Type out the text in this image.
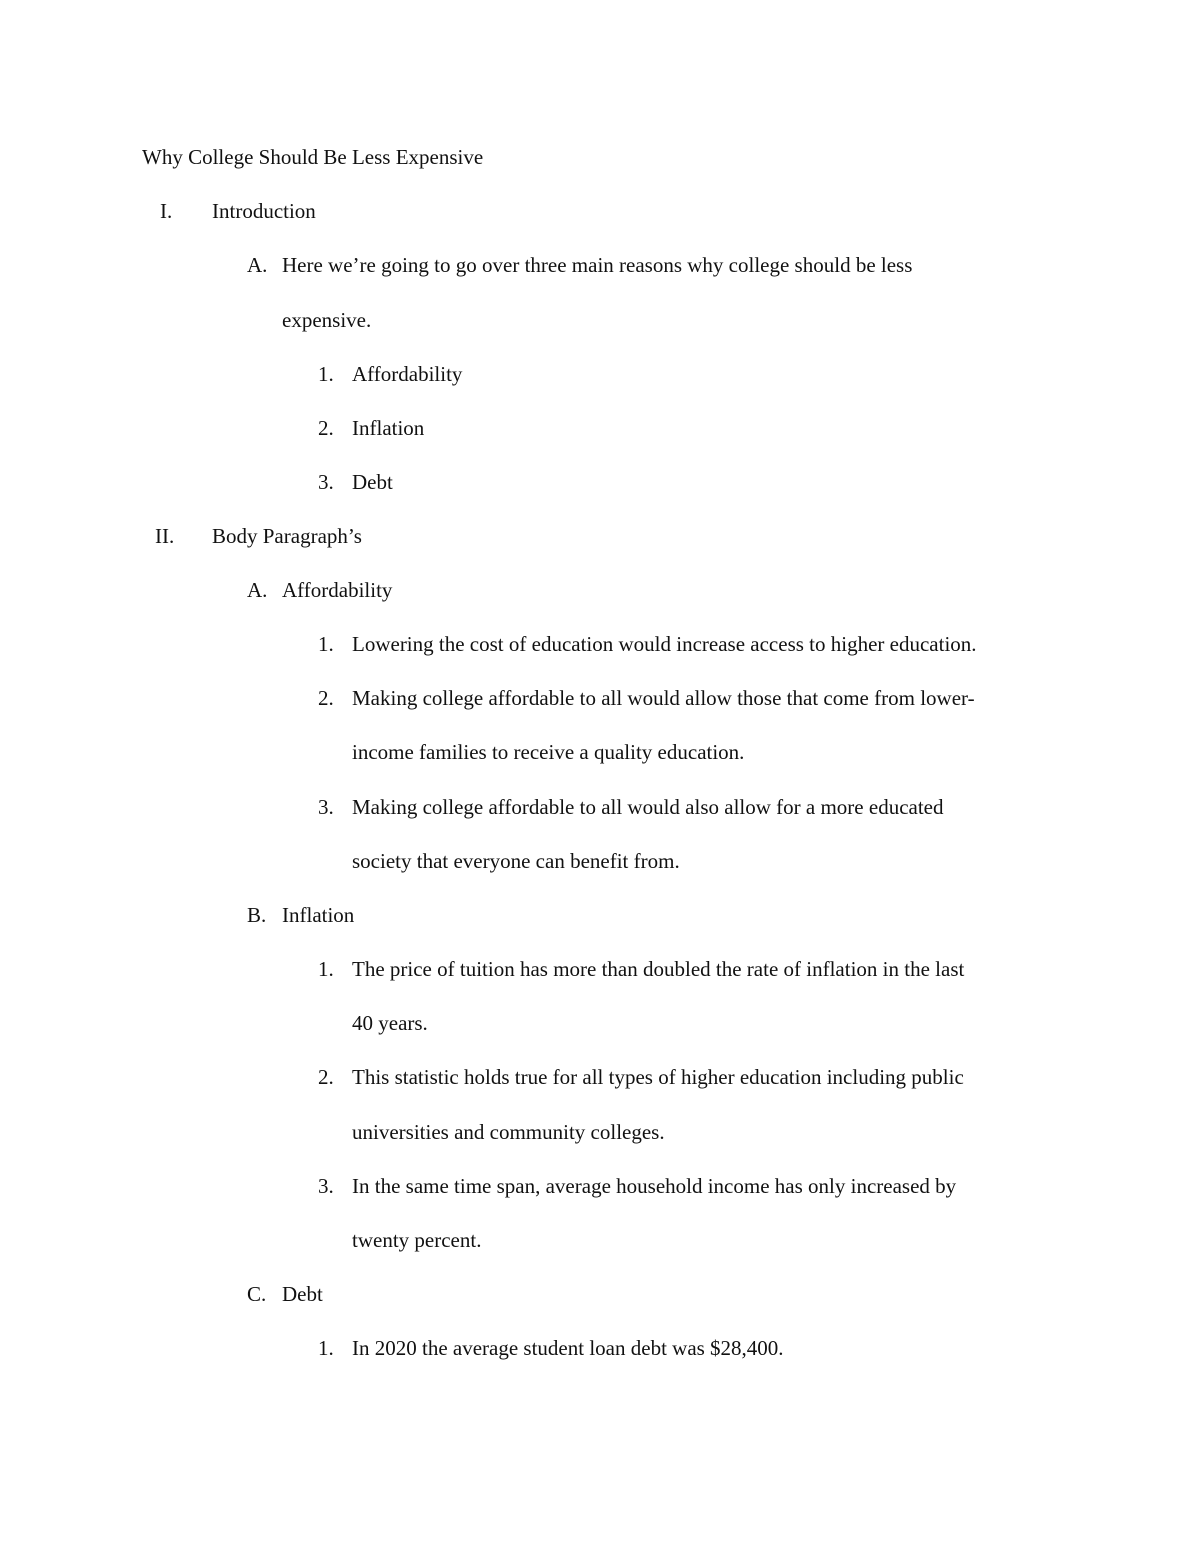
Why College Should Be Less Expensive
I. Introduction
A. Here we’re going to go over three main reasons why college should be less
expensive.
1. Affordability
2. Inflation
3. Debt
II. Body Paragraph’s
A. Affordability
1. Lowering the cost of education would increase access to higher education.
2. Making college affordable to all would allow those that come from lower-
income families to receive a quality education.
3. Making college affordable to all would also allow for a more educated
society that everyone can benefit from.
B. Inflation
1. The price of tuition has more than doubled the rate of inflation in the last
40 years.
2. This statistic holds true for all types of higher education including public
universities and community colleges.
3. In the same time span, average household income has only increased by
twenty percent.
C. Debt
1. In 2020 the average student loan debt was $28,400.
